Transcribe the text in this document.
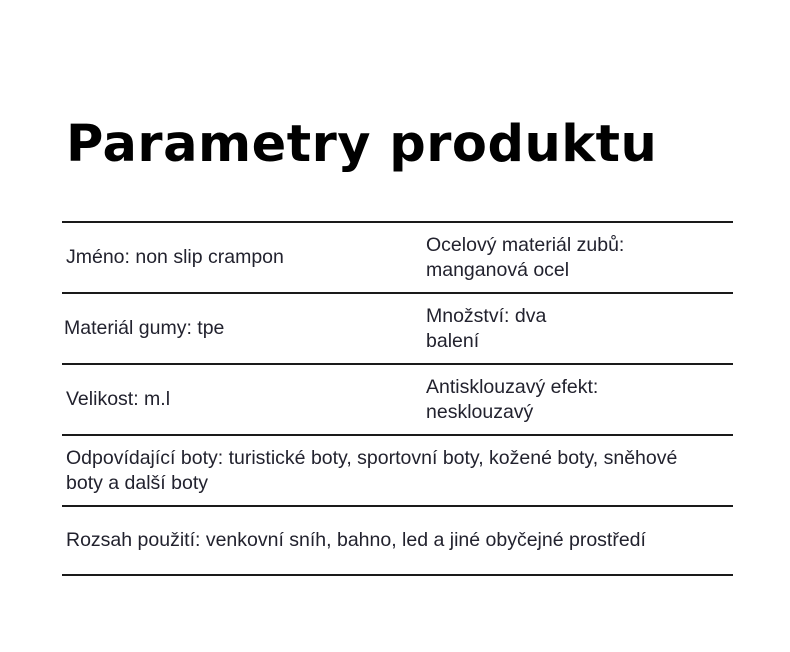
Parametry produktu
Jméno: non slip crampon
Ocelový materiál zubů: manganová ocel
Materiál gumy: tpe
Množství: dva balení
Velikost: m.l
Antisklouzavý efekt: nesklouzavý
Odpovídající boty: turistické boty, sportovní boty, kožené boty, sněhové boty a další boty
Rozsah použití: venkovní sníh, bahno, led a jiné obyčejné prostředí
